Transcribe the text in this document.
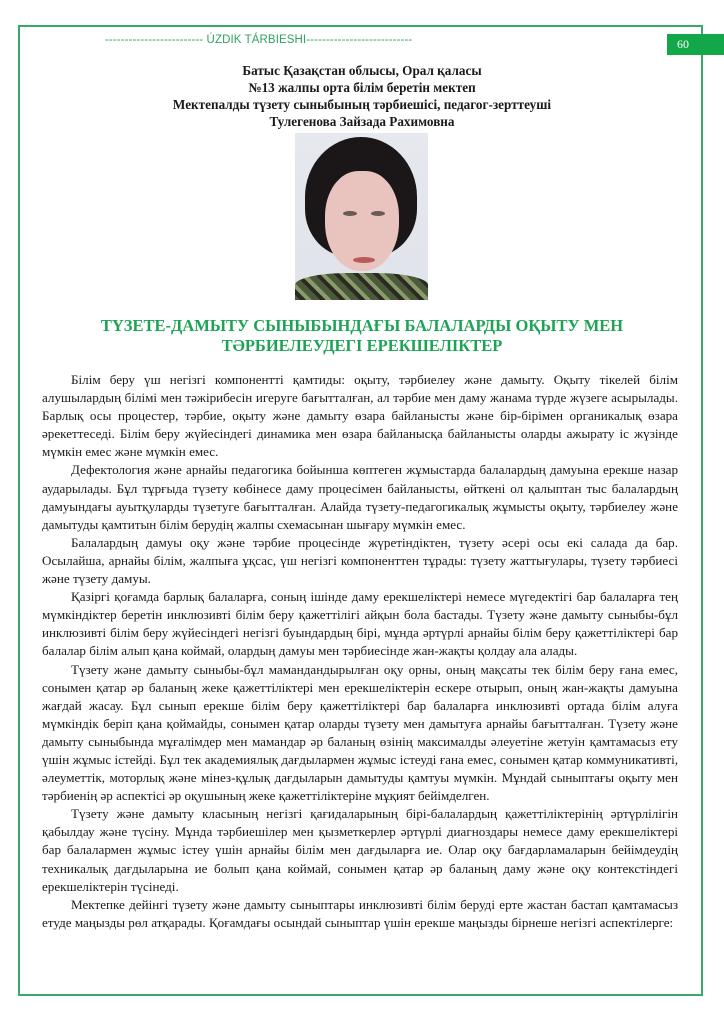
------------------------- ÚZDIK TÁRBIESHI---------------------------	60
Батыс Қазақстан облысы, Орал қаласы
№13 жалпы орта білім беретін мектеп
Мектепалды түзету сыныбының тәрбиешісі, педагог-зерттеуші
Тулегенова Зайзада Рахимовна
ТҮЗЕТЕ-ДАМЫТУ СЫНЫБЫНДАҒЫ БАЛАЛАРДЫ ОҚЫТУ МЕН
ТӘРБИЕЛЕУДЕГІ ЕРЕКШЕЛІКТЕР

Білім беру үш негізгі компонентті қамтиды: оқыту, тәрбиелеу және дамыту. Оқыту тікелей білім алушылардың білімі мен тәжірибесін игеруге бағытталған, ал тәрбие мен даму жанама түрде жүзеге асырылады. Барлық осы процестер, тәрбие, оқыту және дамыту өзара байланысты және бір-бірімен органикалық өзара әрекеттеседі. Білім беру жүйесіндегі динамика мен өзара байланысқа байланысты оларды ажырату іс жүзінде мүмкін емес және мүмкін емес.

Дефектология және арнайы педагогика бойынша көптеген жұмыстарда балалардың дамуына ерекше назар аударылады. Бұл тұрғыда түзету көбінесе даму процесімен байланысты, өйткені ол қалыптан тыс балалардың дамуындағы ауытқуларды түзетуге бағытталған. Алайда түзету-педагогикалық жұмысты оқыту, тәрбиелеу және дамытуды қамтитын білім берудің жалпы схемасынан шығару мүмкін емес.

Балалардың дамуы оқу және тәрбие процесінде жүретіндіктен, түзету әсері осы екі салада да бар. Осылайша, арнайы білім, жалпыға ұқсас, үш негізгі компоненттен тұрады: түзету жаттығулары, түзету тәрбиесі және түзету дамуы.

Қазіргі қоғамда барлық балаларға, соның ішінде даму ерекшеліктері немесе мүгедектігі бар балаларға тең мүмкіндіктер беретін инклюзивті білім беру қажеттілігі айқын бола бастады. Түзету және дамыту сыныбы-бұл инклюзивті білім беру жүйесіндегі негізгі буындардың бірі, мұнда әртүрлі арнайы білім беру қажеттіліктері бар балалар білім алып қана коймай, олардың дамуы мен тәрбиесінде жан-жақты қолдау ала алады.

Түзету және дамыту сыныбы-бұл мамандандырылған оқу орны, оның мақсаты тек білім беру ғана емес, сонымен қатар әр баланың жеке қажеттіліктері мен ерекшеліктерін ескере отырып, оның жан-жақты дамуына жағдай жасау. Бұл сынып ерекше білім беру қажеттіліктері бар балаларға инклюзивті ортада білім алуға мүмкіндік беріп қана қоймайды, сонымен қатар оларды түзету мен дамытуға арнайы бағытталған. Түзету және дамыту сыныбында мұғалімдер мен мамандар әр баланың өзінің максималды әлеуетіне жетуін қамтамасыз ету үшін жұмыс істейді. Бұл тек академиялық дағдылармен жұмыс істеуді ғана емес, сонымен қатар коммуникативті, әлеуметтік, моторлық және мінез-құлық дағдыларын дамытуды қамтуы мүмкін. Мұндай сыныптағы оқыту мен тәрбиенің әр аспектісі әр оқушының жеке қажеттіліктеріне мұқият бейімделген.

Түзету және дамыту класының негізгі қағидаларының бірі-балалардың қажеттіліктерінің әртүрлілігін қабылдау және түсіну. Мұнда тәрбиешілер мен қызметкерлер әртүрлі диагноздары немесе даму ерекшеліктері бар балалармен жұмыс істеу үшін арнайы білім мен дағдыларға ие. Олар оқу бағдарламаларын бейімдеудің техникалық дағдыларына ие болып қана коймай, сонымен қатар әр баланың даму және оқу контекстіндегі ерекшеліктерін түсінеді.

Мектепке дейінгі түзету және дамыту сыныптары инклюзивті білім беруді ерте жастан бастап қамтамасыз етуде маңызды рөл атқарады. Қоғамдағы осындай сыныптар үшін ерекше маңызды бірнеше негізгі аспектілерге:
